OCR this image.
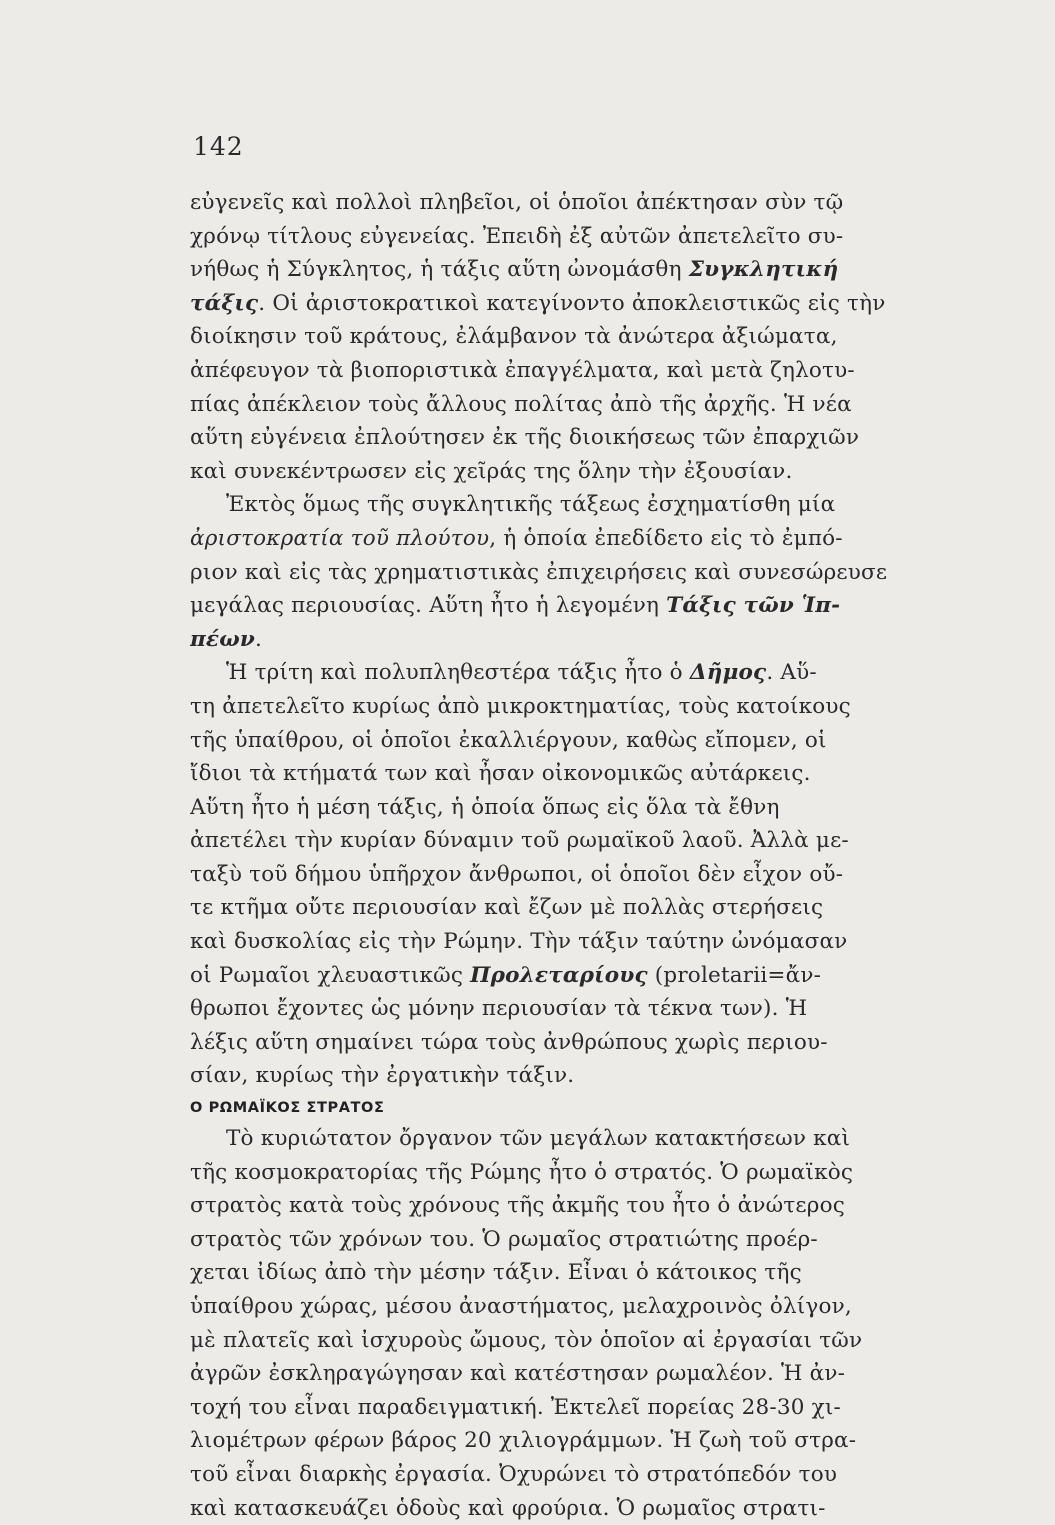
142
εὐγενεῖς καὶ πολλοὶ πληβεῖοι, οἱ ὁποῖοι ἀπέκτησαν σὺν τῷ
χρόνῳ τίτλους εὐγενείας. Ἐπειδὴ ἐξ αὐτῶν ἀπετελεῖτο συ-
νήθως ἡ Σύγκλητος, ἡ τάξις αὕτη ὠνομάσθη Συγκλητική
τάξις. Οἱ ἀριστοκρατικοὶ κατεγίνοντο ἀποκλειστικῶς εἰς τὴν
διοίκησιν τοῦ κράτους, ἐλάμβανον τὰ ἀνώτερα ἀξιώματα,
ἀπέφευγον τὰ βιοποριστικὰ ἐπαγγέλματα, καὶ μετὰ ζηλοτυ-
πίας ἀπέκλειον τοὺς ἄλλους πολίτας ἀπὸ τῆς ἀρχῆς. Ἡ νέα
αὕτη εὐγένεια ἐπλούτησεν ἐκ τῆς διοικήσεως τῶν ἐπαρχιῶν
καὶ συνεκέντρωσεν εἰς χεῖράς της ὅλην τὴν ἐξουσίαν.
Ἐκτὸς ὅμως τῆς συγκλητικῆς τάξεως ἐσχηματίσθη μία
ἀριστοκρατία τοῦ πλούτου, ἡ ὁποία ἐπεδίδετο εἰς τὸ ἐμπό-
ριον καὶ εἰς τὰς χρηματιστικὰς ἐπιχειρήσεις καὶ συνεσώρευσε
μεγάλας περιουσίας. Αὕτη ἦτο ἡ λεγομένη Τάξις τῶν Ἱπ-
πέων.
Ἡ τρίτη καὶ πολυπληθεστέρα τάξις ἦτο ὁ Δῆμος. Αὕ-
τη ἀπετελεῖτο κυρίως ἀπὸ μικροκτηματίας, τοὺς κατοίκους
τῆς ὑπαίθρου, οἱ ὁποῖοι ἐκαλλιέργουν, καθὼς εἴπομεν, οἱ
ἴδιοι τὰ κτήματά των καὶ ἦσαν οἰκονομικῶς αὐτάρκεις.
Αὕτη ἦτο ἡ μέση τάξις, ἡ ὁποία ὅπως εἰς ὅλα τὰ ἔθνη
ἀπετέλει τὴν κυρίαν δύναμιν τοῦ ρωμαϊκοῦ λαοῦ. Ἀλλὰ με-
ταξὺ τοῦ δήμου ὑπῆρχον ἄνθρωποι, οἱ ὁποῖοι δὲν εἶχον οὔ-
τε κτῆμα οὔτε περιουσίαν καὶ ἔζων μὲ πολλὰς στερήσεις
καὶ δυσκολίας εἰς τὴν Ρώμην. Τὴν τάξιν ταύτην ὠνόμασαν
οἱ Ρωμαῖοι χλευαστικῶς Προλεταρίους (proletarii=ἄν-
θρωποι ἔχοντες ὡς μόνην περιουσίαν τὰ τέκνα των). Ἡ
λέξις αὕτη σημαίνει τώρα τοὺς ἀνθρώπους χωρὶς περιου-
σίαν, κυρίως τὴν ἐργατικὴν τάξιν.
Ο ΡΩΜΑΪΚΟΣ ΣΤΡΑΤΟΣ
Τὸ κυριώτατον ὄργανον τῶν μεγάλων κατακτήσεων καὶ
τῆς κοσμοκρατορίας τῆς Ρώμης ἦτο ὁ στρατός. Ὁ ρωμαϊκὸς
στρατὸς κατὰ τοὺς χρόνους τῆς ἀκμῆς του ἦτο ὁ ἀνώτερος
στρατὸς τῶν χρόνων του. Ὁ ρωμαῖος στρατιώτης προέρ-
χεται ἰδίως ἀπὸ τὴν μέσην τάξιν. Εἶναι ὁ κάτοικος τῆς
ὑπαίθρου χώρας, μέσου ἀναστήματος, μελαχροινὸς ὀλίγον,
μὲ πλατεῖς καὶ ἰσχυροὺς ὤμους, τὸν ὁποῖον αἱ ἐργασίαι τῶν
ἀγρῶν ἐσκληραγώγησαν καὶ κατέστησαν ρωμαλέον. Ἡ ἀν-
τοχή του εἶναι παραδειγματική. Ἐκτελεῖ πορείας 28-30 χι-
λιομέτρων φέρων βάρος 20 χιλιογράμμων. Ἡ ζωὴ τοῦ στρα-
τοῦ εἶναι διαρκὴς ἐργασία. Ὀχυρώνει τὸ στρατόπεδόν του
καὶ κατασκευάζει ὁδοὺς καὶ φρούρια. Ὁ ρωμαῖος στρατι-
